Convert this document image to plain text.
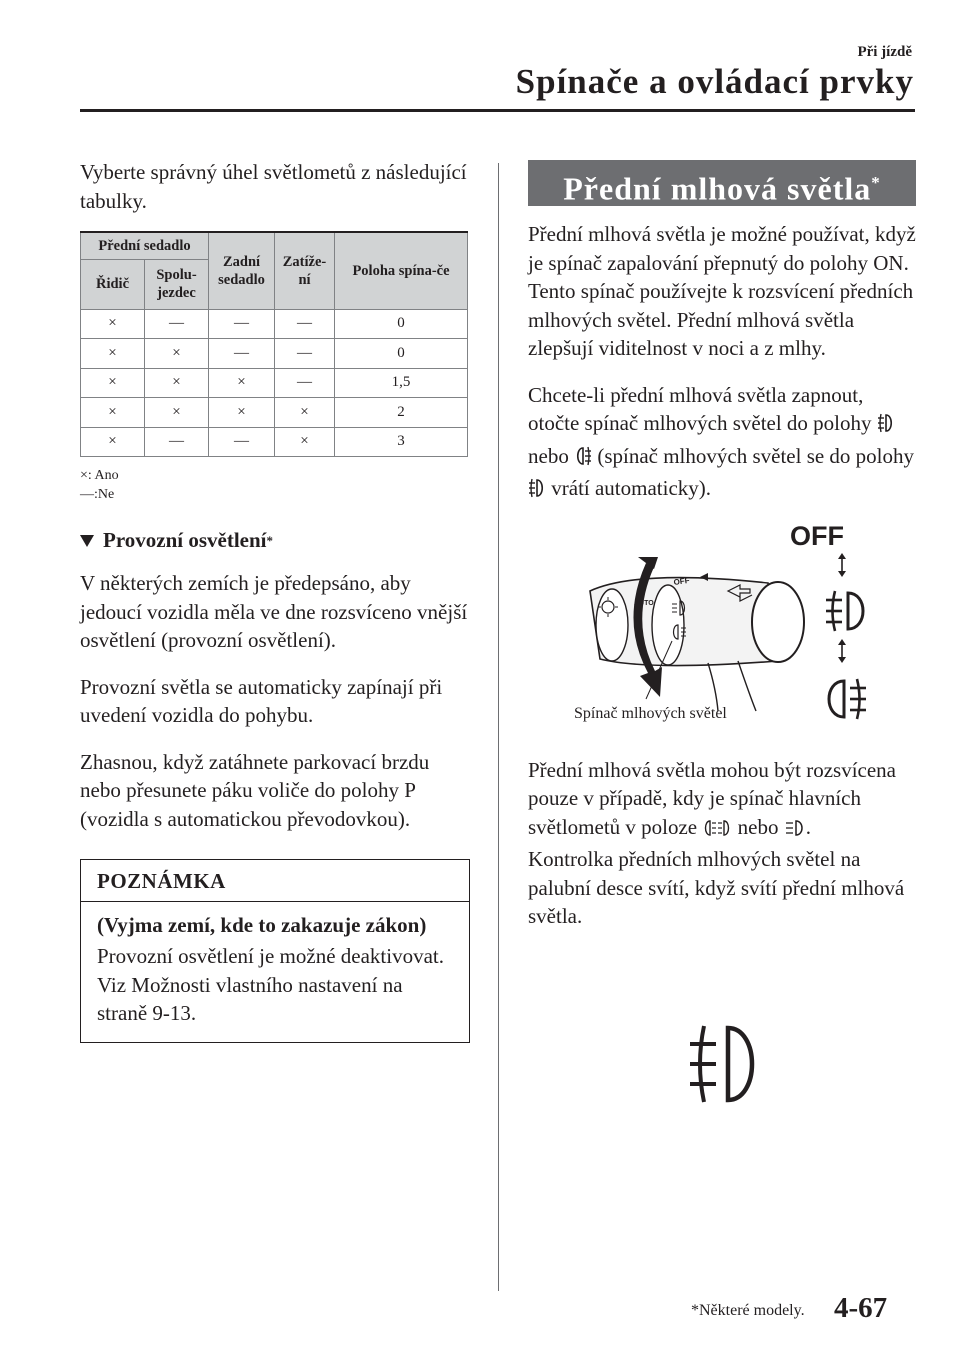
Při jízdě
Spínače a ovládací prvky

Vyberte správný úhel světlometů z následující tabulky.

Přední sedadlo		Zadní sedadlo	Zatíže-ní	Poloha spína-če
Řidič	Spolu-jezdec			
×	—	—	—	0
×	×	—	—	0
×	×	×	—	1,5
×	×	×	×	2
×	—	—	×	3
×: Ano
—:Ne
Provozní osvětlení *

V některých zemích je předepsáno, aby jedoucí vozidla měla ve dne rozsvíceno vnější osvětlení (provozní osvětlení).

Provozní světla se automaticky zapínají při uvedení vozidla do pohybu.

Zhasnou, když zatáhnete parkovací brzdu nebo přesunete páku voliče do polohy P (vozidla s automatickou převodovkou).

POZNÁMKA
(Vyjma zemí, kde to zakazuje zákon)

Provozní osvětlení je možné deaktivovat. Viz Možnosti vlastního nastavení na straně 9-13.

Přední mlhová světla*

Přední mlhová světla je možné používat, když je spínač zapalování přepnutý do polohy ON.

Tento spínač používejte k rozsvícení předních mlhových světel. Přední mlhová světla zlepšují viditelnost v noci a z mlhy.

Chcete-li přední mlhová světla zapnout, otočte spínač mlhových světel do polohy  nebo (spínač mlhových světel se do polohy  vrátí automaticky).

OFF
OFF
AUTO
Spínač mlhových světel

Přední mlhová světla mohou být rozsvícena pouze v případě, kdy je spínač hlavních světlometů v poloze nebo .

Kontrolka předních mlhových světel na palubní desce svítí, když svítí přední mlhová světla.

*Některé modely. 4-67
